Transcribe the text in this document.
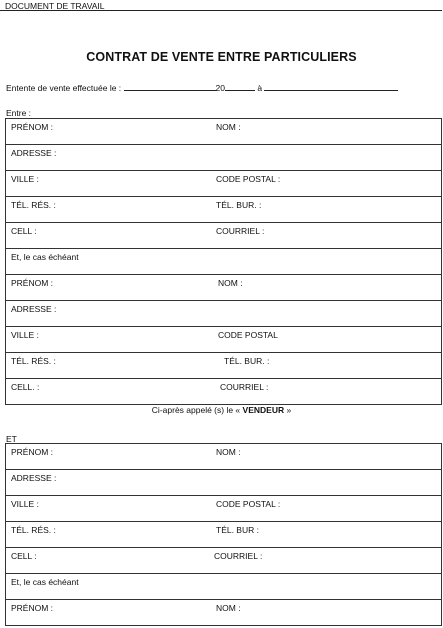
DOCUMENT DE TRAVAIL
CONTRAT DE VENTE ENTRE PARTICULIERS
Entente de vente effectuée le :	20	à
Entre :
PRÉNOM :	NOM :

ADRESSE :

VILLE :	CODE POSTAL :

TÉL. RÉS. :	TÉL. BUR. :

CELL :	COURRIEL :

Et, le cas échéant

PRÉNOM :	NOM :

ADRESSE :

VILLE :	CODE POSTAL

TÉL. RÉS. :	TÉL. BUR. :

CELL. :	COURRIEL :
Ci-après appelé (s) le « VENDEUR »
ET
PRÉNOM :	NOM :

ADRESSE :

VILLE :	CODE POSTAL :

TÉL. RÉS. :	TÉL. BUR :

CELL :	COURRIEL :

Et, le cas échéant

PRÉNOM :	NOM :
